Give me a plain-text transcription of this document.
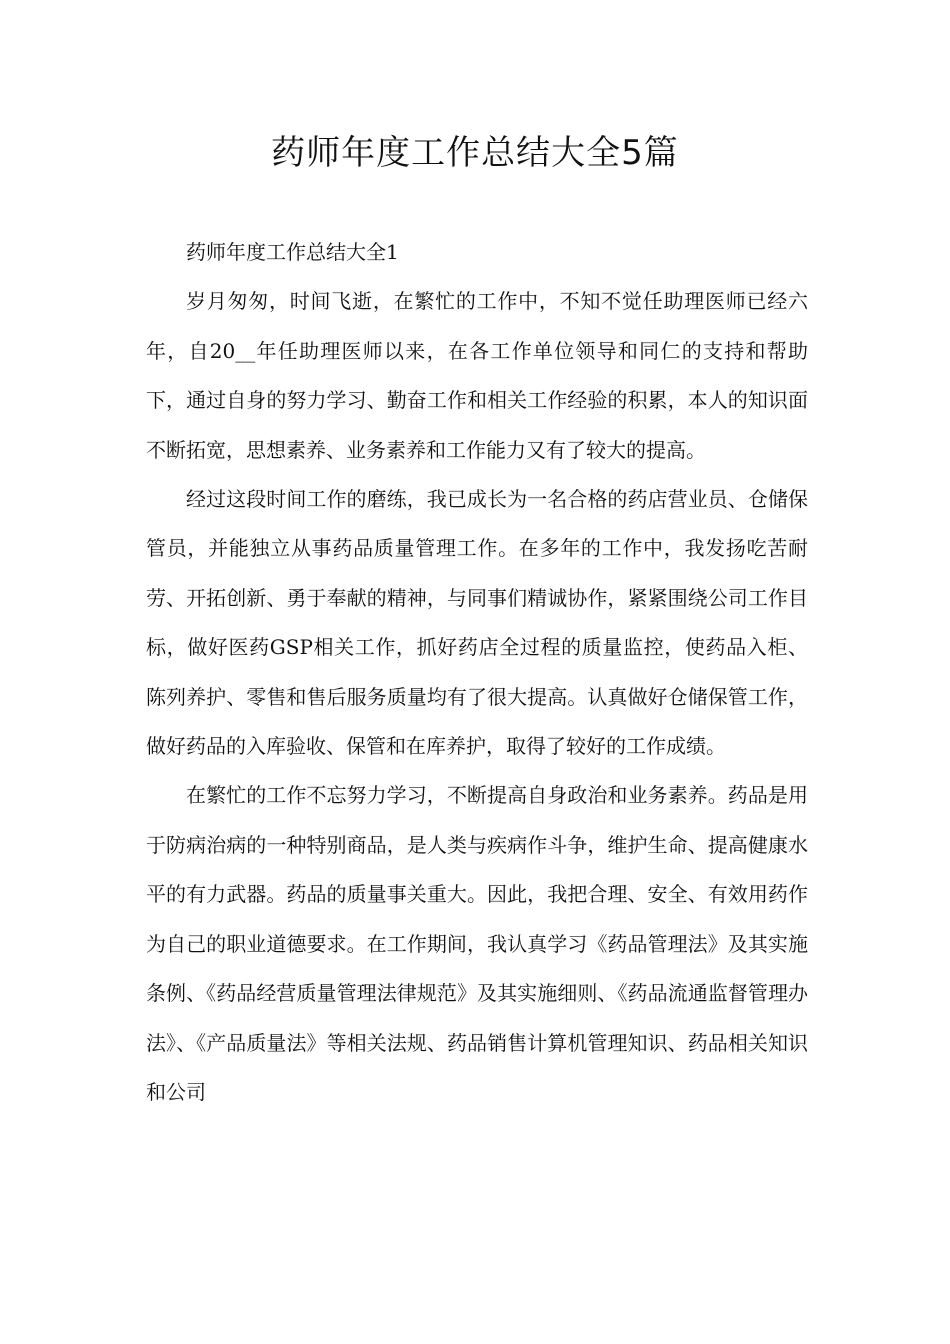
药师年度工作总结大全5篇

药师年度工作总结大全1

岁月匆匆，时间飞逝，在繁忙的工作中，不知不觉任助理医师已经六年，自20__年任助理医师以来，在各工作单位领导和同仁的支持和帮助下，通过自身的努力学习、勤奋工作和相关工作经验的积累，本人的知识面不断拓宽，思想素养、业务素养和工作能力又有了较大的提高。

经过这段时间工作的磨练，我已成长为一名合格的药店营业员、仓储保管员，并能独立从事药品质量管理工作。在多年的工作中，我发扬吃苦耐劳、开拓创新、勇于奉献的精神，与同事们精诚协作，紧紧围绕公司工作目标，做好医药GSP相关工作，抓好药店全过程的质量监控，使药品入柜、陈列养护、零售和售后服务质量均有了很大提高。认真做好仓储保管工作，做好药品的入库验收、保管和在库养护，取得了较好的工作成绩。

在繁忙的工作不忘努力学习，不断提高自身政治和业务素养。药品是用于防病治病的一种特别商品，是人类与疾病作斗争，维护生命、提高健康水平的有力武器。药品的质量事关重大。因此，我把合理、安全、有效用药作为自己的职业道德要求。在工作期间，我认真学习《药品管理法》及其实施条例、《药品经营质量管理法律规范》及其实施细则、《药品流通监督管理办法》、《产品质量法》等相关法规、药品销售计算机管理知识、药品相关知识和公司
